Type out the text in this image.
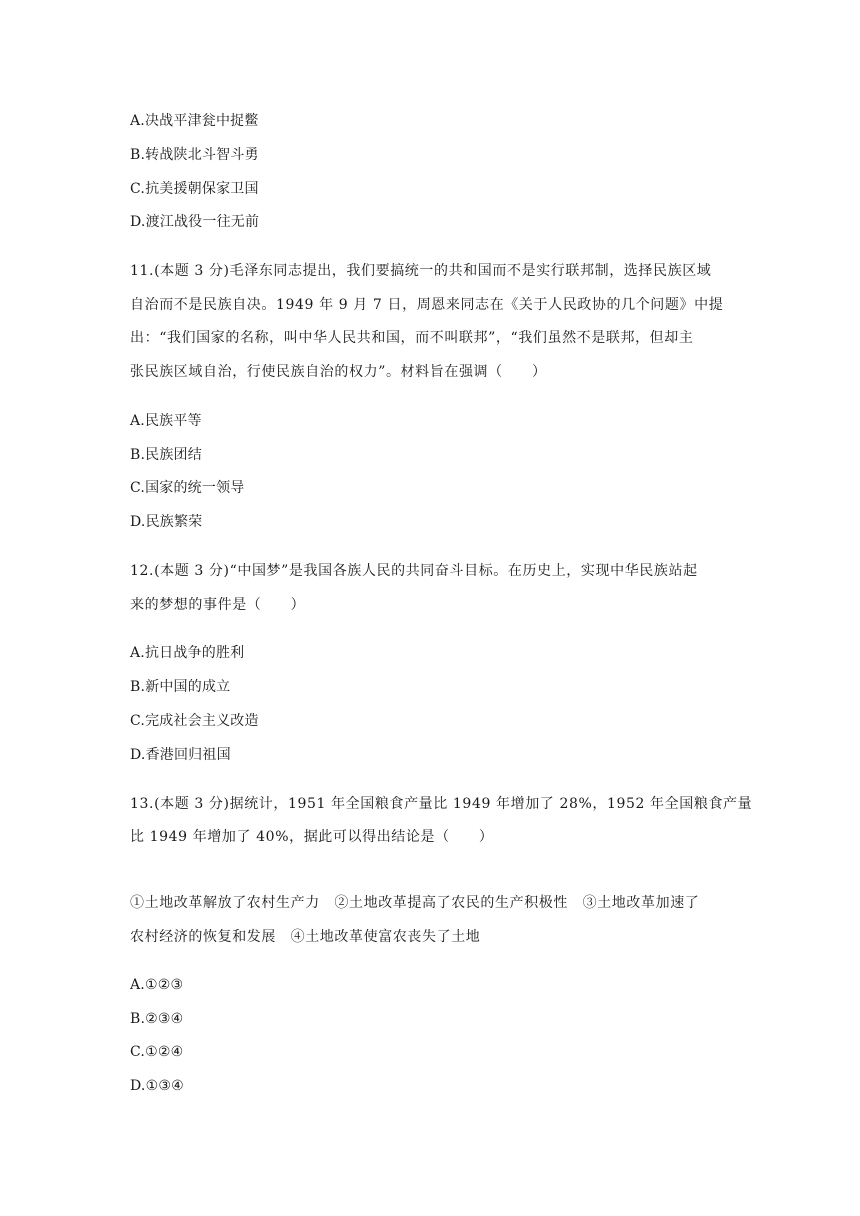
A.决战平津瓮中捉鳖
B.转战陕北斗智斗勇
C.抗美援朝保家卫国
D.渡江战役一往无前
11.(本题 3 分)毛泽东同志提出，我们要搞统一的共和国而不是实行联邦制，选择民族区域
自治而不是民族自决。1949 年 9 月 7 日，周恩来同志在《关于人民政协的几个问题》中提
出：“我们国家的名称，叫中华人民共和国，而不叫联邦”，“我们虽然不是联邦，但却主
张民族区域自治，行使民族自治的权力”。材料旨在强调（　　）
A.民族平等
B.民族团结
C.国家的统一领导
D.民族繁荣
12.(本题 3 分)“中国梦”是我国各族人民的共同奋斗目标。在历史上，实现中华民族站起
来的梦想的事件是（　　）
A.抗日战争的胜利
B.新中国的成立
C.完成社会主义改造
D.香港回归祖国
13.(本题 3 分)据统计，1951 年全国粮食产量比 1949 年增加了 28%，1952 年全国粮食产量
比 1949 年增加了 40%，据此可以得出结论是（　　）
①土地改革解放了农村生产力　②土地改革提高了农民的生产积极性　③土地改革加速了
农村经济的恢复和发展　④土地改革使富农丧失了土地
A.①②③
B.②③④
C.①②④
D.①③④
